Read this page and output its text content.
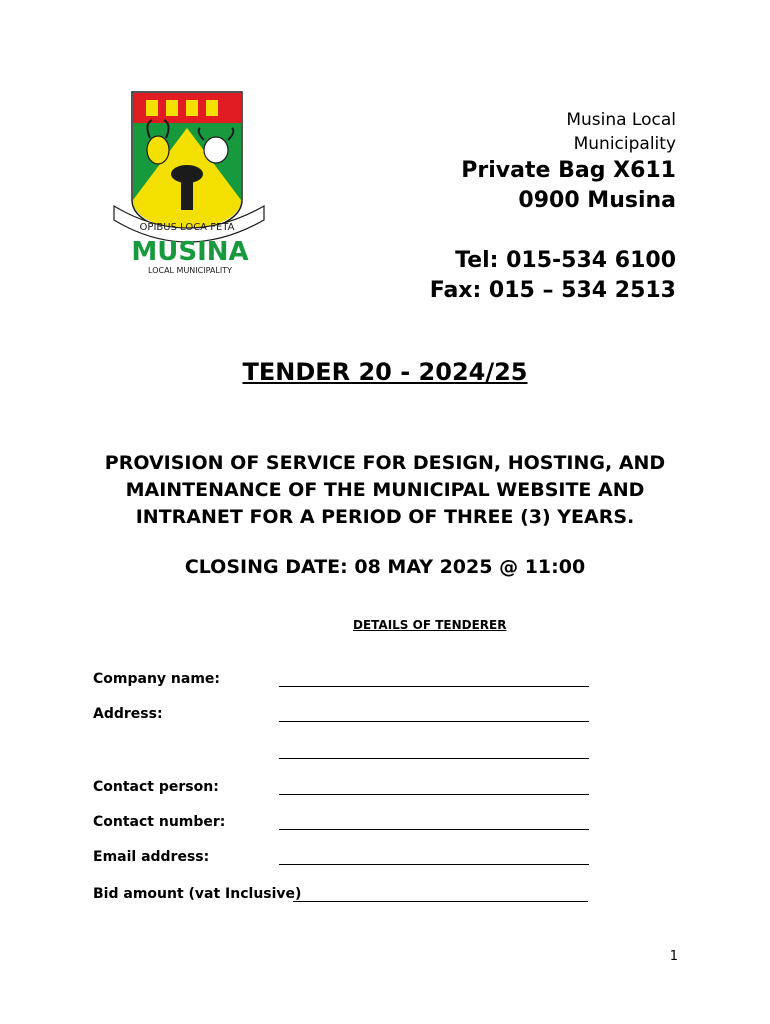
OPIBUS LOCA FETA
MUSINA
LOCAL MUNICIPALITY
Musina Local
Municipality
Private Bag X611
0900 Musina
Tel: 015-534 6100
Fax: 015 – 534 2513
TENDER 20 - 2024/25
PROVISION OF SERVICE FOR DESIGN, HOSTING, AND
MAINTENANCE OF THE MUNICIPAL WEBSITE AND
INTRANET FOR A PERIOD OF THREE (3) YEARS.
CLOSING DATE: 08 MAY 2025 @ 11:00
DETAILS OF TENDERER
Company name:
Address:
Contact person:
Contact number:
Email address:
Bid amount (vat Inclusive)
1
